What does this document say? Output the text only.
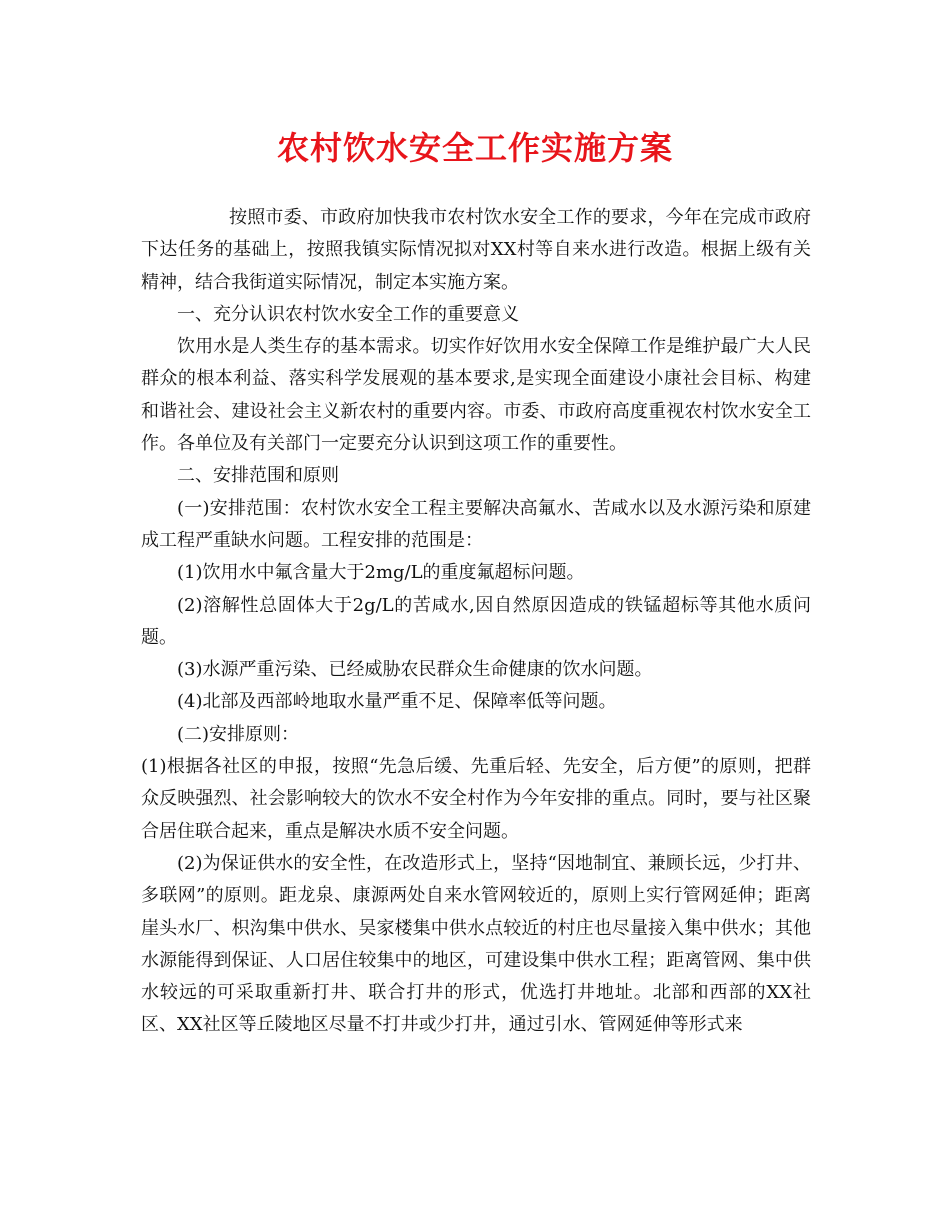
农村饮水安全工作实施方案

按照市委、市政府加快我市农村饮水安全工作的要求，今年在完成市政府下达任务的基础上，按照我镇实际情况拟对XX村等自来水进行改造。根据上级有关精神，结合我街道实际情况，制定本实施方案。

一、充分认识农村饮水安全工作的重要意义

饮用水是人类生存的基本需求。切实作好饮用水安全保障工作是维护最广大人民群众的根本利益、落实科学发展观的基本要求,是实现全面建设小康社会目标、构建和谐社会、建设社会主义新农村的重要内容。市委、市政府高度重视农村饮水安全工作。各单位及有关部门一定要充分认识到这项工作的重要性。

二、安排范围和原则

(一)安排范围：农村饮水安全工程主要解决高氟水、苦咸水以及水源污染和原建成工程严重缺水问题。工程安排的范围是：

(1)饮用水中氟含量大于2mg/L的重度氟超标问题。

(2)溶解性总固体大于2g/L的苦咸水,因自然原因造成的铁锰超标等其他水质问题。

(3)水源严重污染、已经威胁农民群众生命健康的饮水问题。

(4)北部及西部岭地取水量严重不足、保障率低等问题。

(二)安排原则：

(1)根据各社区的申报，按照“先急后缓、先重后轻、先安全，后方便”的原则，把群众反映强烈、社会影响较大的饮水不安全村作为今年安排的重点。同时，要与社区聚合居住联合起来，重点是解决水质不安全问题。

(2)为保证供水的安全性，在改造形式上，坚持“因地制宜、兼顾长远，少打井、多联网”的原则。距龙泉、康源两处自来水管网较近的，原则上实行管网延伸；距离崖头水厂、枳沟集中供水、吴家楼集中供水点较近的村庄也尽量接入集中供水；其他水源能得到保证、人口居住较集中的地区，可建设集中供水工程；距离管网、集中供水较远的可采取重新打井、联合打井的形式，优选打井地址。北部和西部的XX社区、XX社区等丘陵地区尽量不打井或少打井，通过引水、管网延伸等形式来
